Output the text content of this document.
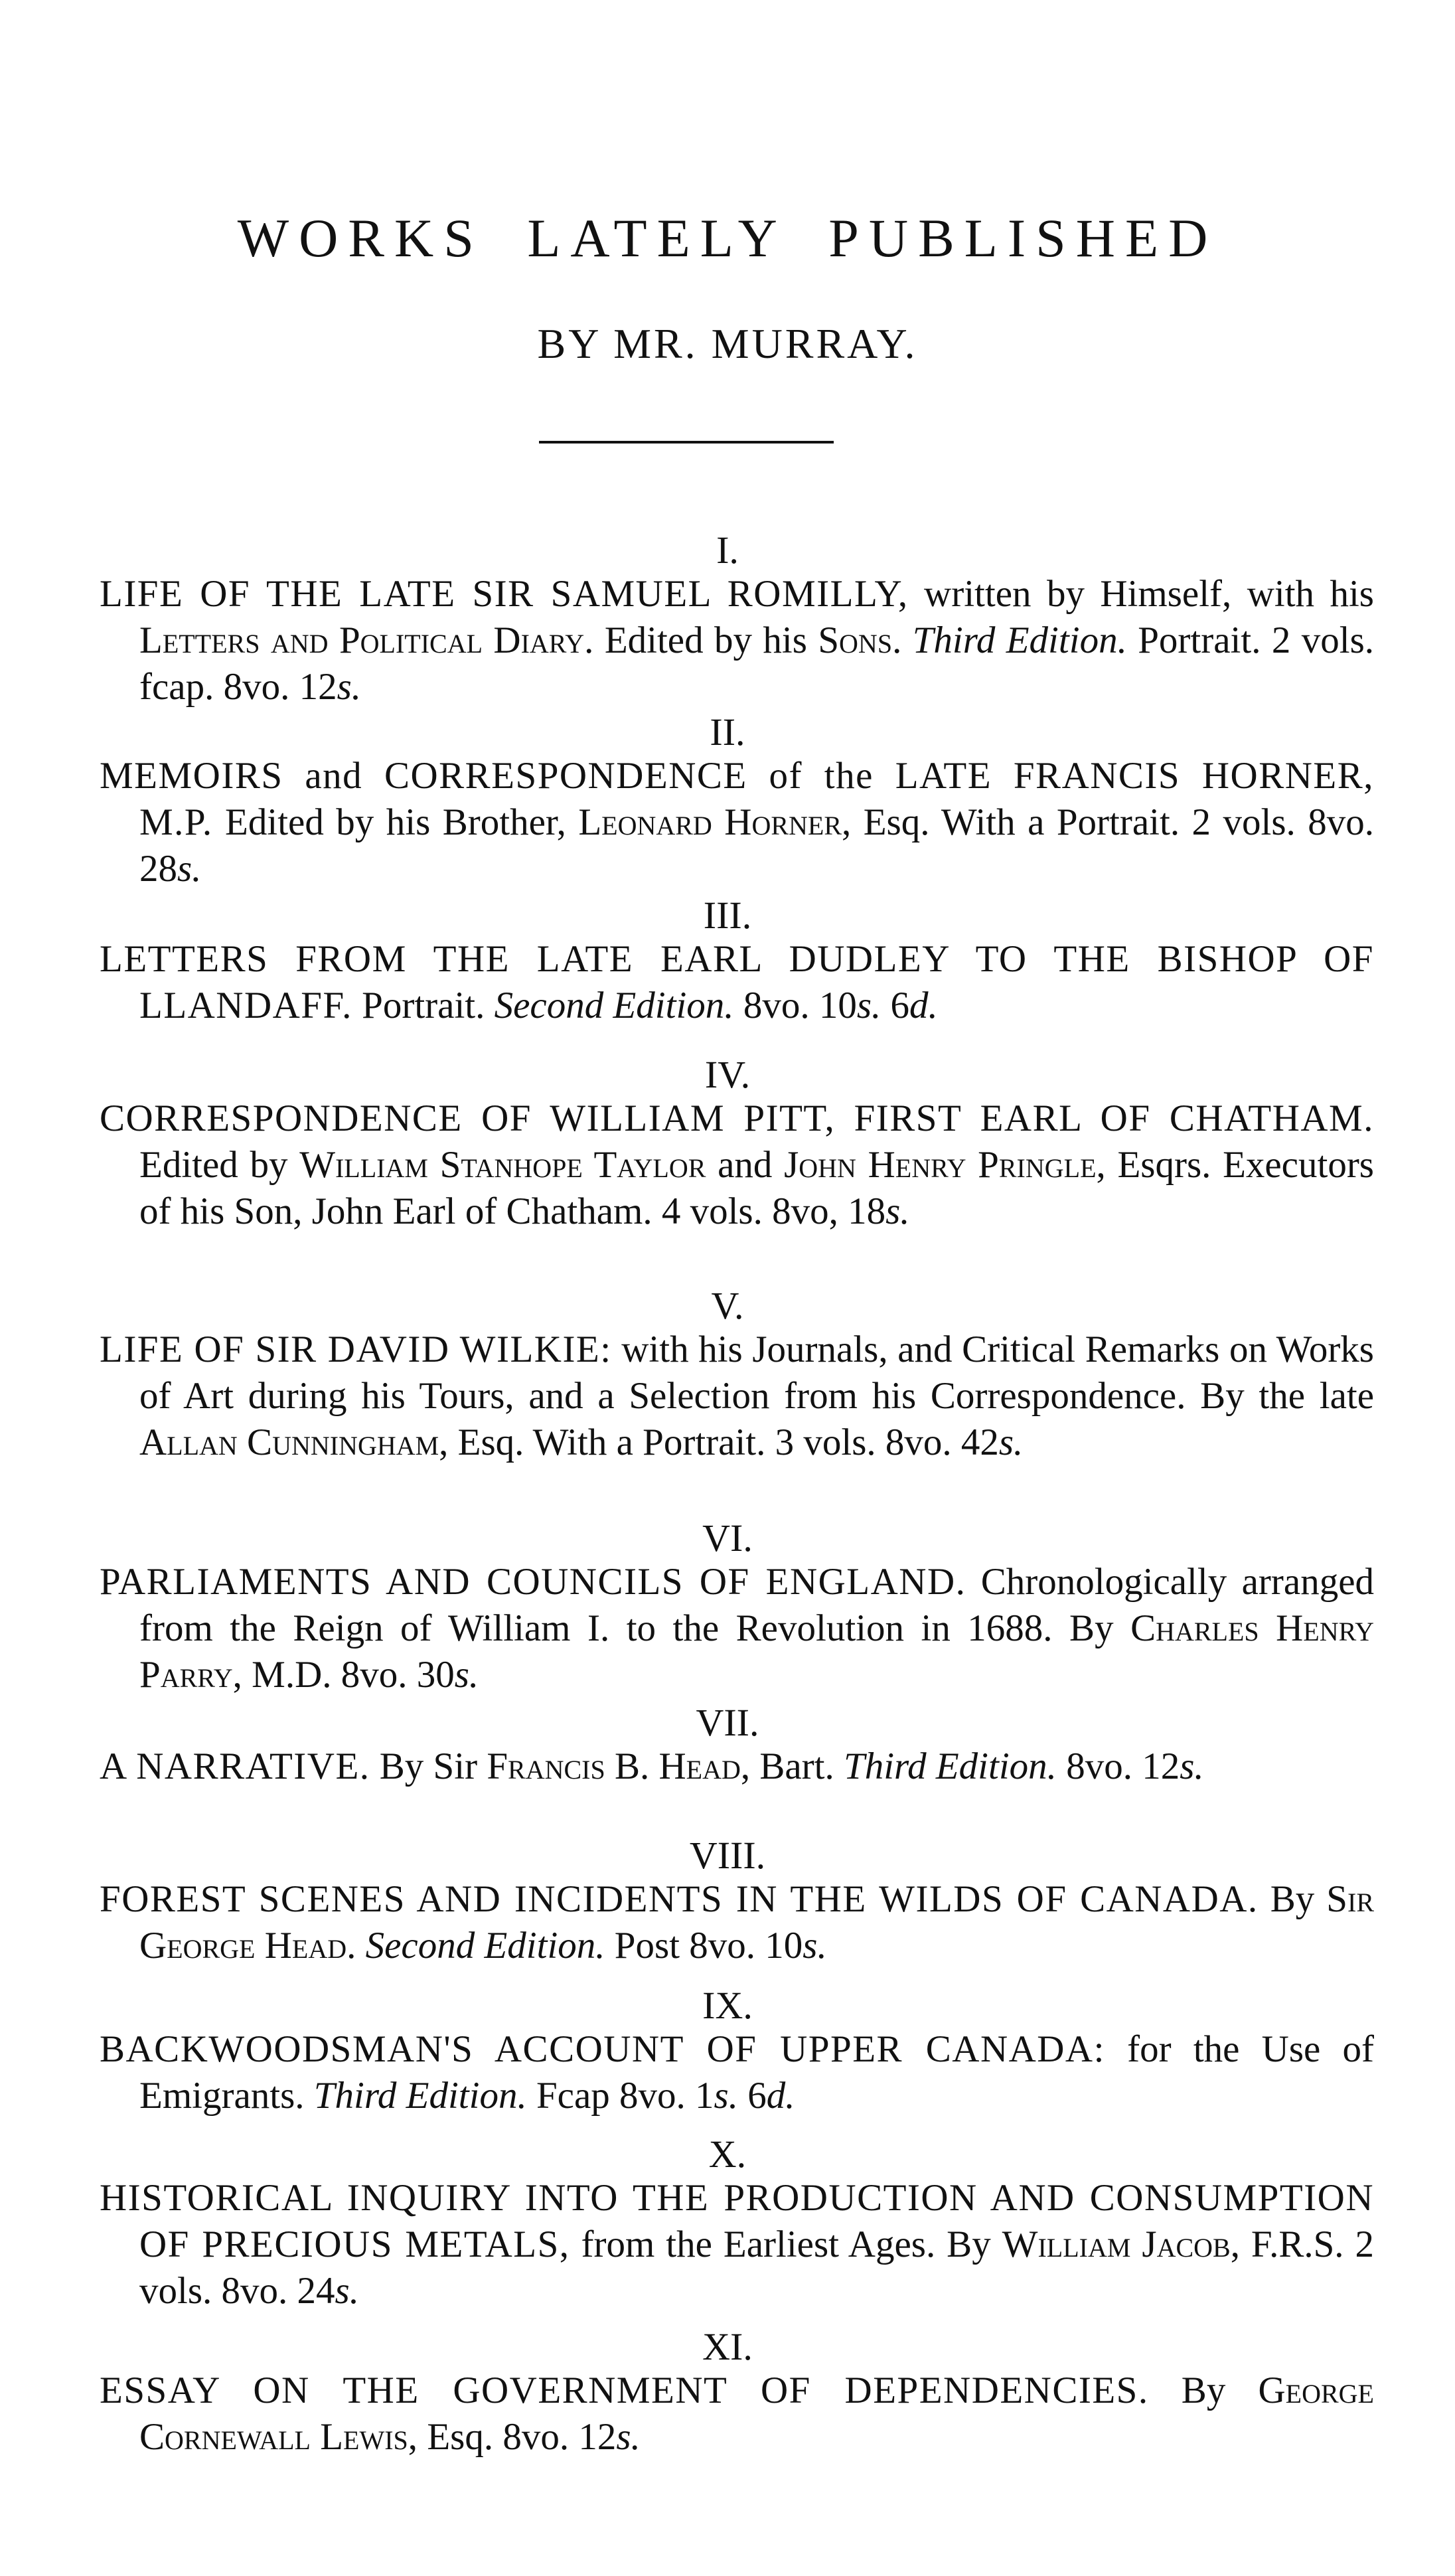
WORKS LATELY PUBLISHED
BY MR. MURRAY.
I.
LIFE OF THE LATE SIR SAMUEL ROMILLY, written by Himself, with his Letters and Political Diary. Edited by his Sons. Third Edition. Portrait. 2 vols. fcap. 8vo. 12s.
II.
MEMOIRS and CORRESPONDENCE of the LATE FRANCIS HORNER, M.P. Edited by his Brother, Leonard Horner, Esq. With a Portrait. 2 vols. 8vo. 28s.
III.
LETTERS FROM THE LATE EARL DUDLEY TO THE BISHOP OF LLANDAFF. Portrait. Second Edition. 8vo. 10s. 6d.
IV.
CORRESPONDENCE OF WILLIAM PITT, FIRST EARL OF CHATHAM. Edited by William Stanhope Taylor and John Henry Pringle, Esqrs. Executors of his Son, John Earl of Chatham. 4 vols. 8vo, 18s.
V.
LIFE OF SIR DAVID WILKIE: with his Journals, and Critical Remarks on Works of Art during his Tours, and a Selection from his Correspondence. By the late Allan Cunningham, Esq. With a Portrait. 3 vols. 8vo. 42s.
VI.
PARLIAMENTS AND COUNCILS OF ENGLAND. Chronologically arranged from the Reign of William I. to the Revolution in 1688. By Charles Henry Parry, M.D. 8vo. 30s.
VII.
A NARRATIVE. By Sir Francis B. Head, Bart. Third Edition. 8vo. 12s.
VIII.
FOREST SCENES AND INCIDENTS IN THE WILDS OF CANADA. By Sir George Head. Second Edition. Post 8vo. 10s.
IX.
BACKWOODSMAN'S ACCOUNT OF UPPER CANADA: for the Use of Emigrants. Third Edition. Fcap 8vo. 1s. 6d.
X.
HISTORICAL INQUIRY INTO THE PRODUCTION AND CONSUMPTION OF PRECIOUS METALS, from the Earliest Ages. By William Jacob, F.R.S. 2 vols. 8vo. 24s.
XI.
ESSAY ON THE GOVERNMENT OF DEPENDENCIES. By George Cornewall Lewis, Esq. 8vo. 12s.
